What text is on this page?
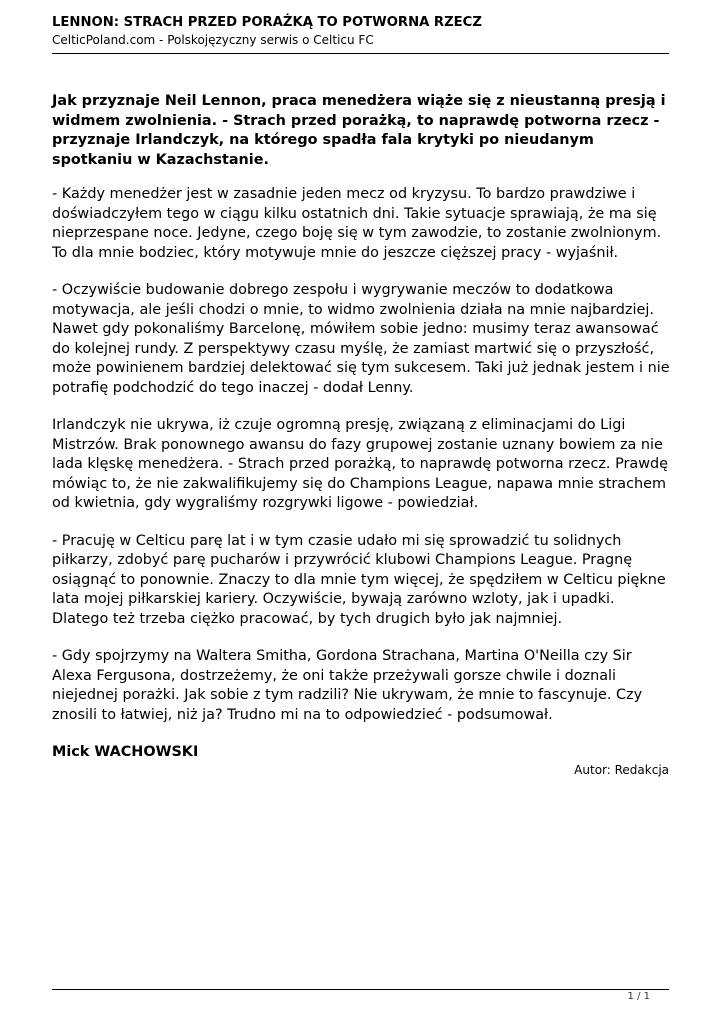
LENNON: STRACH PRZED PORAŻKĄ TO POTWORNA RZECZ

CelticPoland.com - Polskojęzyczny serwis o Celticu FC

Jak przyznaje Neil Lennon, praca menedżera wiąże się z nieustanną presją i widmem zwolnienia. - Strach przed porażką, to naprawdę potworna rzecz - przyznaje Irlandczyk, na którego spadła fala krytyki po nieudanym spotkaniu w Kazachstanie.

- Każdy menedżer jest w zasadnie jeden mecz od kryzysu. To bardzo prawdziwe i doświadczyłem tego w ciągu kilku ostatnich dni. Takie sytuacje sprawiają, że ma się nieprzespane noce. Jedyne, czego boję się w tym zawodzie, to zostanie zwolnionym. To dla mnie bodziec, który motywuje mnie do jeszcze cięższej pracy - wyjaśnił.

- Oczywiście budowanie dobrego zespołu i wygrywanie meczów to dodatkowa motywacja, ale jeśli chodzi o mnie, to widmo zwolnienia działa na mnie najbardziej. Nawet gdy pokonaliśmy Barcelonę, mówiłem sobie jedno: musimy teraz awansować do kolejnej rundy. Z perspektywy czasu myślę, że zamiast martwić się o przyszłość, może powinienem bardziej delektować się tym sukcesem. Taki już jednak jestem i nie potrafię podchodzić do tego inaczej - dodał Lenny.

Irlandczyk nie ukrywa, iż czuje ogromną presję, związaną z eliminacjami do Ligi Mistrzów. Brak ponownego awansu do fazy grupowej zostanie uznany bowiem za nie lada klęskę menedżera. - Strach przed porażką, to naprawdę potworna rzecz. Prawdę mówiąc to, że nie zakwalifikujemy się do Champions League, napawa mnie strachem od kwietnia, gdy wygraliśmy rozgrywki ligowe - powiedział.

- Pracuję w Celticu parę lat i w tym czasie udało mi się sprowadzić tu solidnych piłkarzy, zdobyć parę pucharów i przywrócić klubowi Champions League. Pragnę osiągnąć to ponownie. Znaczy to dla mnie tym więcej, że spędziłem w Celticu piękne lata mojej piłkarskiej kariery. Oczywiście, bywają zarówno wzloty, jak i upadki. Dlatego też trzeba ciężko pracować, by tych drugich było jak najmniej.

- Gdy spojrzymy na Waltera Smitha, Gordona Strachana, Martina O'Neilla czy Sir Alexa Fergusona, dostrzeżemy, że oni także przeżywali gorsze chwile i doznali niejednej porażki. Jak sobie z tym radzili? Nie ukrywam, że mnie to fascynuje. Czy znosili to łatwiej, niż ja? Trudno mi na to odpowiedzieć - podsumował.

Mick WACHOWSKI

Autor: Redakcja
1 / 1
